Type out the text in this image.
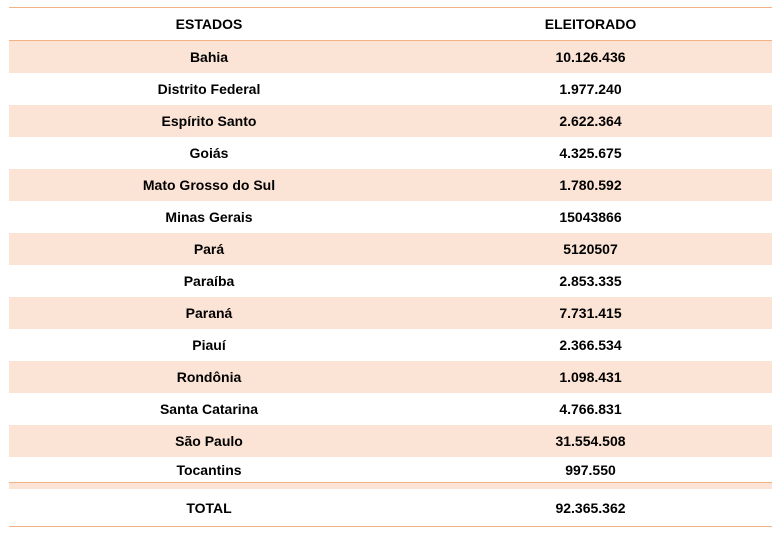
ESTADOS	ELEITORADO
Bahia	10.126.436
Distrito Federal	1.977.240
Espírito Santo	2.622.364
Goiás	4.325.675
Mato Grosso do Sul	1.780.592
Minas Gerais	15043866
Pará	5120507
Paraíba	2.853.335
Paraná	7.731.415
Piauí	2.366.534
Rondônia	1.098.431
Santa Catarina	4.766.831
São Paulo	31.554.508
Tocantins	997.550
TOTAL	92.365.362
